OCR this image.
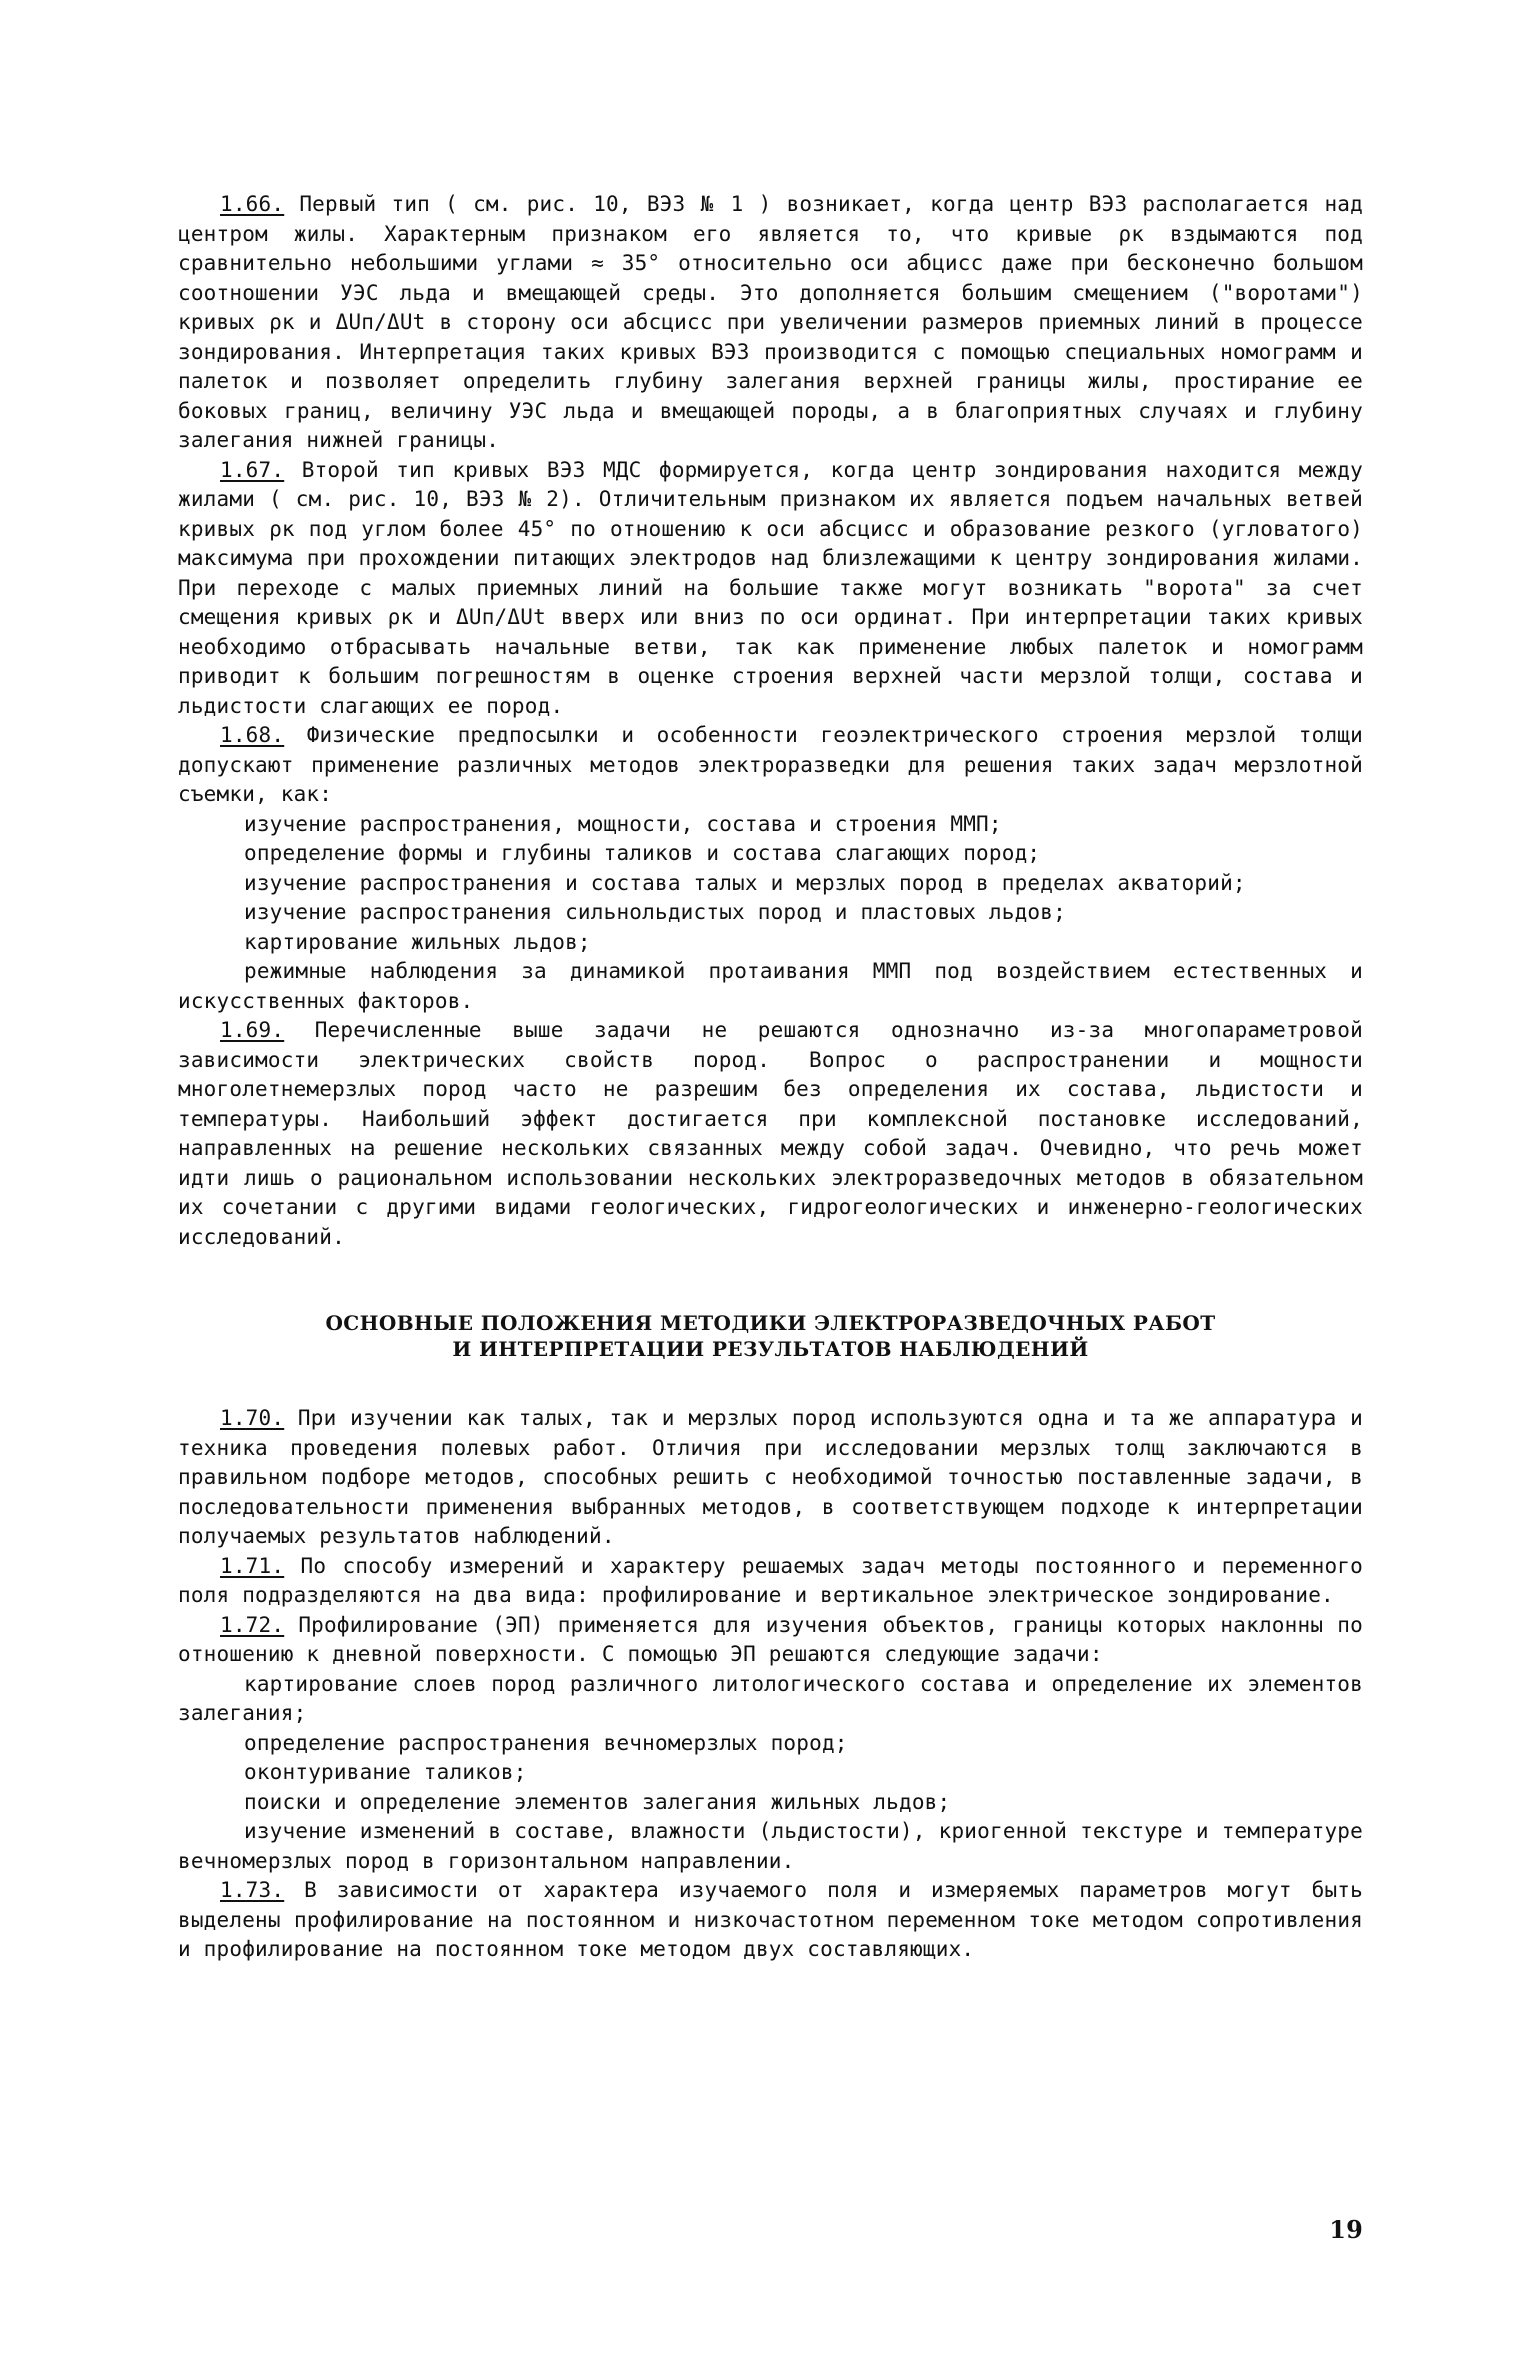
1.66. Первый тип ( см. рис. 10, ВЭЗ № 1 ) возникает, когда центр ВЭЗ располагается над центром жилы. Характерным признаком его является то, что кривые ρк вздымаются под сравнительно небольшими углами ≈ 35° относительно оси абцисс даже при бесконечно большом соотношении УЭС льда и вмещающей среды. Это дополняется большим смещением ("воротами") кривых ρк и ΔUп/ΔUt в сторону оси абсцисс при увеличении размеров приемных линий в процессе зондирования. Интерпретация таких кривых ВЭЗ производится с помощью специальных номограмм и палеток и позволяет определить глубину залегания верхней границы жилы, простирание ее боковых границ, величину УЭС льда и вмещающей породы, а в благоприятных случаях и глубину залегания нижней границы.

1.67. Второй тип кривых ВЭЗ МДС формируется, когда центр зондирования находится между жилами ( см. рис. 10, ВЭЗ № 2). Отличительным признаком их является подъем начальных ветвей кривых ρк под углом более 45° по отношению к оси абсцисс и образование резкого (угловатого) максимума при прохождении питающих электродов над близлежащими к центру зондирования жилами. При переходе с малых приемных линий на большие также могут возникать "ворота" за счет смещения кривых ρк и ΔUп/ΔUt вверх или вниз по оси ординат. При интерпретации таких кривых необходимо отбрасывать начальные ветви, так как применение любых палеток и номограмм приводит к большим погрешностям в оценке строения верхней части мерзлой толщи, состава и льдистости слагающих ее пород.

1.68. Физические предпосылки и особенности геоэлектрического строения мерзлой толщи допускают применение различных методов электроразведки для решения таких задач мерзлотной съемки, как:

изучение распространения, мощности, состава и строения ММП;

определение формы и глубины таликов и состава слагающих пород;

изучение распространения и состава талых и мерзлых пород в пределах акваторий;

изучение распространения сильнольдистых пород и пластовых льдов;

картирование жильных льдов;

режимные наблюдения за динамикой протаивания ММП под воздействием естественных и искусственных факторов.

1.69. Перечисленные выше задачи не решаются однозначно из-за многопараметровой зависимости электрических свойств пород. Вопрос о распространении и мощности многолетнемерзлых пород часто не разрешим без определения их состава, льдистости и температуры. Наибольший эффект достигается при комплексной постановке исследований, направленных на решение нескольких связанных между собой задач. Очевидно, что речь может идти лишь о рациональном использовании нескольких электроразведочных методов в обязательном их сочетании с другими видами геологических, гидрогеологических и инженерно-геологических исследований.

ОСНОВНЫЕ ПОЛОЖЕНИЯ МЕТОДИКИ ЭЛЕКТРОРАЗВЕДОЧНЫХ РАБОТ
И ИНТЕРПРЕТАЦИИ РЕЗУЛЬТАТОВ НАБЛЮДЕНИЙ

1.70. При изучении как талых, так и мерзлых пород используются одна и та же аппаратура и техника проведения полевых работ. Отличия при исследовании мерзлых толщ заключаются в правильном подборе методов, способных решить с необходимой точностью поставленные задачи, в последовательности применения выбранных методов, в соответствующем подходе к интерпретации получаемых результатов наблюдений.

1.71. По способу измерений и характеру решаемых задач методы постоянного и переменного поля подразделяются на два вида: профилирование и вертикальное электрическое зондирование.

1.72. Профилирование (ЭП) применяется для изучения объектов, границы которых наклонны по отношению к дневной поверхности. С помощью ЭП решаются следующие задачи:

картирование слоев пород различного литологического состава и определение их элементов залегания;

определение распространения вечномерзлых пород;

оконтуривание таликов;

поиски и определение элементов залегания жильных льдов;

изучение изменений в составе, влажности (льдистости), криогенной текстуре и температуре вечномерзлых пород в горизонтальном направлении.

1.73. В зависимости от характера изучаемого поля и измеряемых параметров могут быть выделены профилирование на постоянном и низкочастотном переменном токе методом сопротивления и профилирование на постоянном токе методом двух составляющих.

19
